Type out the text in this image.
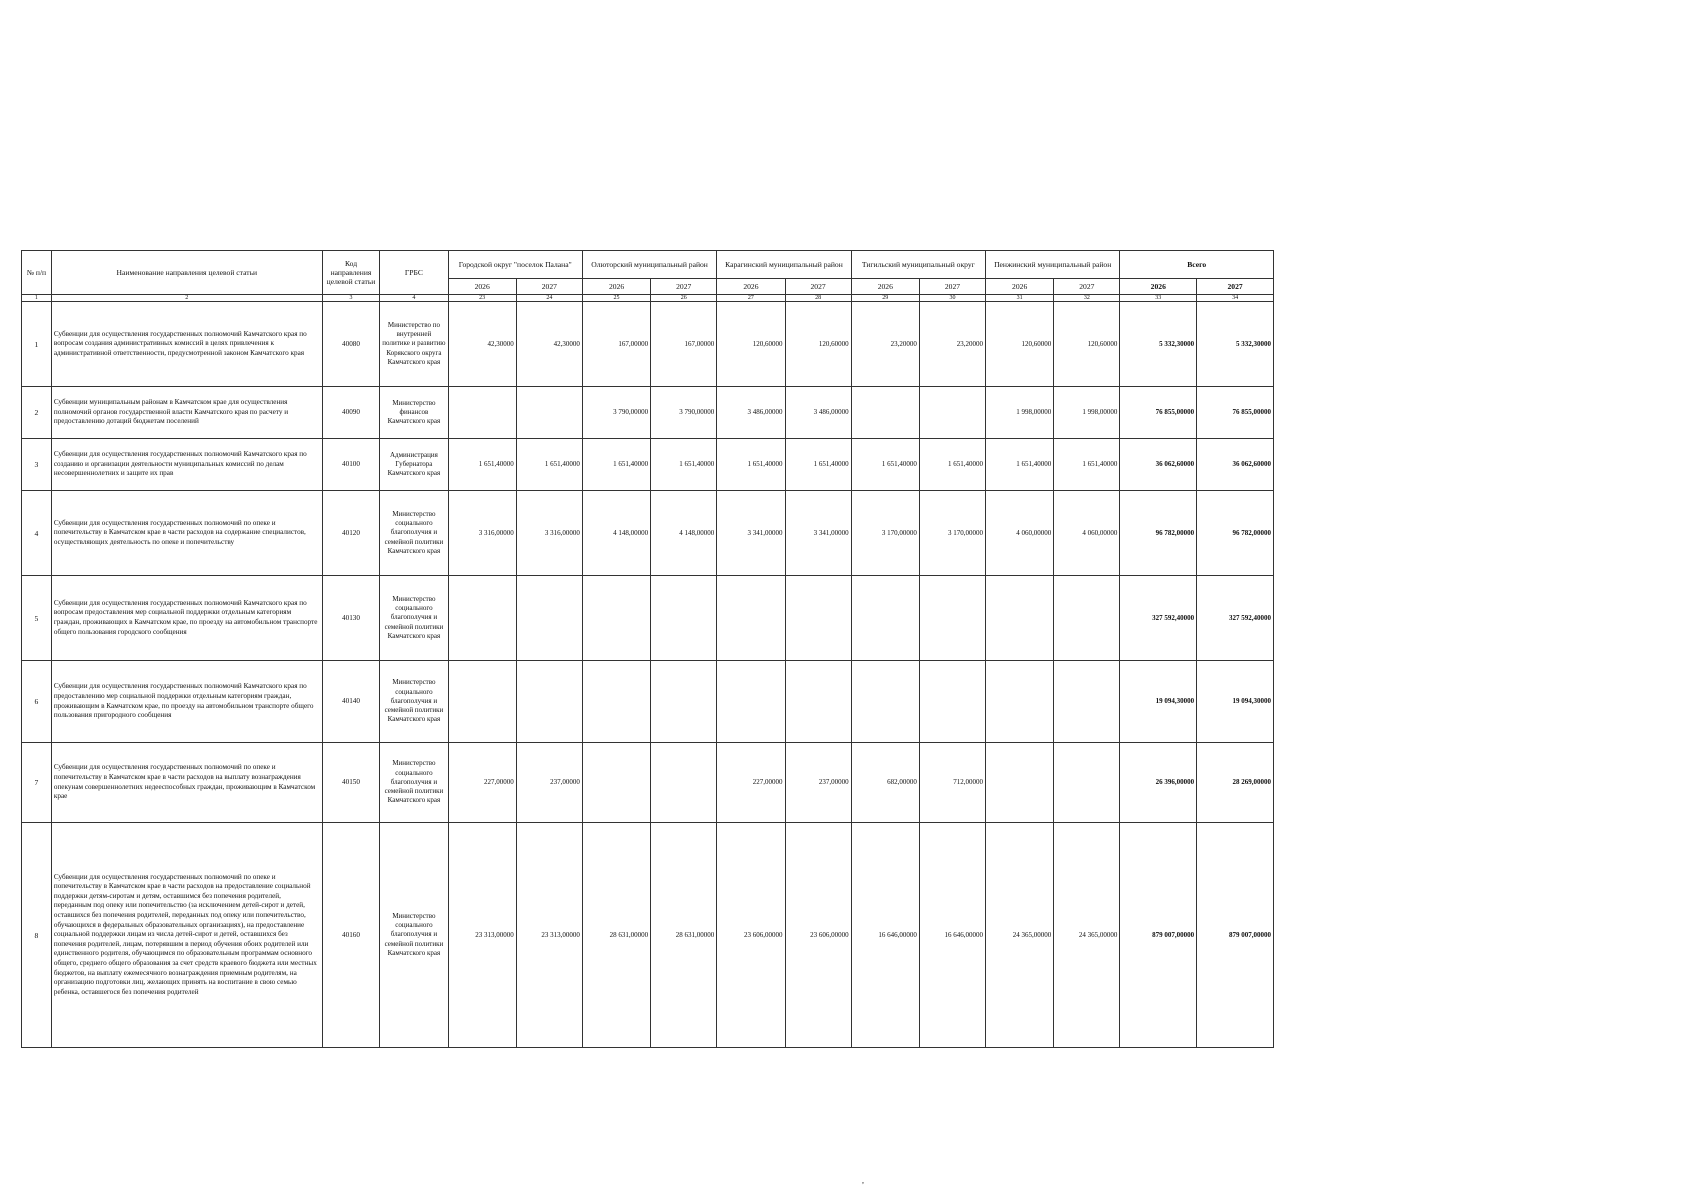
№ п/п	Наименование направления целевой статьи	Код направления целевой статьи	ГРБС	Городской округ "поселок Палана"		Олюторский муниципальный район		Карагинский муниципальный район		Тигильский муниципальный округ		Пенжинский муниципальный район		Всего	
				2026	2027	2026	2027	2026	2027	2026	2027	2026	2027	2026	2027
1	2	3	4	23	24	25	26	27	28	29	30	31	32	33	34
1	Субвенции для осуществления государственных полномочий Камчатского края по вопросам создания административных комиссий в целях привлечения к административной ответственности, предусмотренной законом Камчатского края	40080	Министерство по внутренней политике и развитию Корякского округа Камчатского края	42,30000	42,30000	167,00000	167,00000	120,60000	120,60000	23,20000	23,20000	120,60000	120,60000	5 332,30000	5 332,30000
2	Субвенции муниципальным районам в Камчатском крае для осуществления полномочий органов государственной власти Камчатского края по расчету и предоставлению дотаций бюджетам поселений	40090	Министерство финансов Камчатского края			3 790,00000	3 790,00000	3 486,00000	3 486,00000			1 998,00000	1 998,00000	76 855,00000	76 855,00000
3	Субвенции для осуществления государственных полномочий Камчатского края по созданию и организации деятельности муниципальных комиссий по делам несовершеннолетних и защите их прав	40100	Администрация Губернатора Камчатского края	1 651,40000	1 651,40000	1 651,40000	1 651,40000	1 651,40000	1 651,40000	1 651,40000	1 651,40000	1 651,40000	1 651,40000	36 062,60000	36 062,60000
4	Субвенции для осуществления государственных полномочий по опеке и попечительству в Камчатском крае в части расходов на содержание специалистов, осуществляющих деятельность по опеке и попечительству	40120	Министерство социального благополучия и семейной политики Камчатского края	3 316,00000	3 316,00000	4 148,00000	4 148,00000	3 341,00000	3 341,00000	3 170,00000	3 170,00000	4 060,00000	4 060,00000	96 782,00000	96 782,00000
5	Субвенции для осуществления государственных полномочий Камчатского края по вопросам предоставления мер социальной поддержки отдельным категориям граждан, проживающих в Камчатском крае, по проезду на автомобильном транспорте общего пользования городского сообщения	40130	Министерство социального благополучия и семейной политики Камчатского края											327 592,40000	327 592,40000
6	Субвенции для осуществления государственных полномочий Камчатского края по предоставлению мер социальной поддержки отдельным категориям граждан, проживающим в Камчатском крае, по проезду на автомобильном транспорте общего пользования пригородного сообщения	40140	Министерство социального благополучия и семейной политики Камчатского края											19 094,30000	19 094,30000
7	Субвенции для осуществления государственных полномочий по опеке и попечительству в Камчатском крае в части расходов на выплату вознаграждения опекунам совершеннолетних недееспособных граждан, проживающим в Камчатском крае	40150	Министерство социального благополучия и семейной политики Камчатского края	227,00000	237,00000			227,00000	237,00000	682,00000	712,00000			26 396,00000	28 269,00000
8	Субвенции для осуществления государственных полномочий по опеке и попечительству в Камчатском крае в части расходов на предоставление социальной поддержки детям-сиротам и детям, оставшимся без попечения родителей, переданным под опеку или попечительство (за исключением детей-сирот и детей, оставшихся без попечения родителей, переданных под опеку или попечительство, обучающихся в федеральных образовательных организациях), на предоставление социальной поддержки лицам из числа детей-сирот и детей, оставшихся без попечения родителей, лицам, потерявшим в период обучения обоих родителей или единственного родителя, обучающимся по образовательным программам основного общего, среднего общего образования за счет средств краевого бюджета или местных бюджетов, на выплату ежемесячного вознаграждения приемным родителям, на организацию подготовки лиц, желающих принять на воспитание в свою семью ребенка, оставшегося без попечения родителей	40160	Министерство социального благополучия и семейной политики Камчатского края	23 313,00000	23 313,00000	28 631,00000	28 631,00000	23 606,00000	23 606,00000	16 646,00000	16 646,00000	24 365,00000	24 365,00000	879 007,00000	879 007,00000
,
